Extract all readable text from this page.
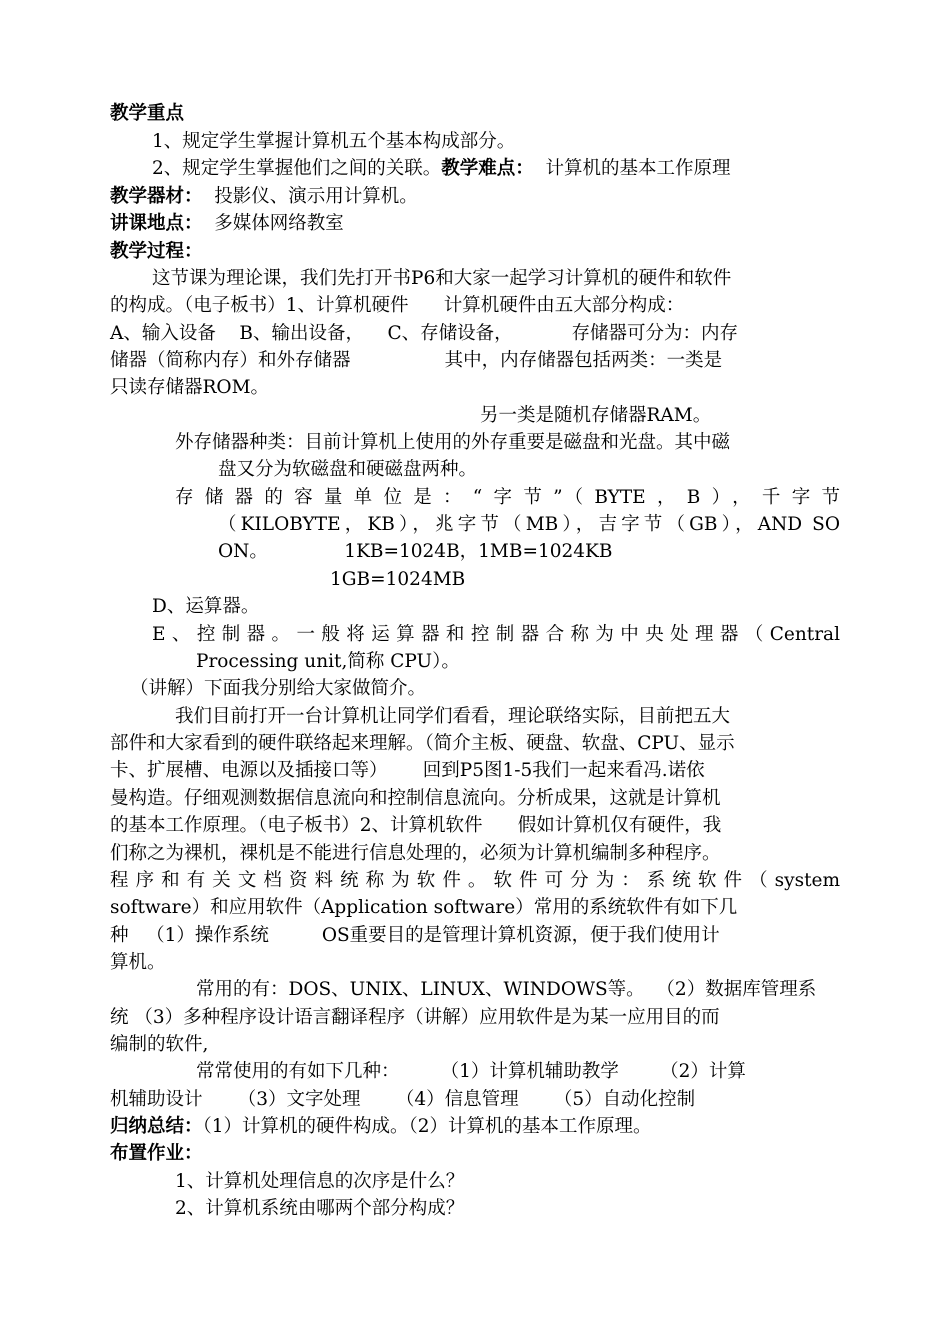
教学重点
1、规定学生掌握计算机五个基本构成部分。
2、规定学生掌握他们之间的关联。教学难点：  计算机的基本工作原理
教学器材：  投影仪、演示用计算机。
讲课地点：  多媒体网络教室
教学过程：
这节课为理论课，我们先打开书P6和大家一起学习计算机的硬件和软件
的构成。（电子板书）1、计算机硬件      计算机硬件由五大部分构成：
A、输入设备    B、输出设备，    C、存储设备，          存储器可分为：内存
储器（简称内存）和外存储器                其中，内存储器包括两类：一类是
只读存储器ROM。
另一类是随机存储器RAM。
外存储器种类：目前计算机上使用的外存重要是磁盘和光盘。其中磁
盘又分为软磁盘和硬磁盘两种。
存储器的容量单位是：“字节”（BYTE，B），千字节
（KILOBYTE，KB），兆字节（MB），吉字节（GB），AND SO
ON。             1KB=1024B，1MB=1024KB
1GB=1024MB
D、运算器。
E、控制器。一般将运算器和控制器合称为中央处理器（Central
Processing unit,简称 CPU）。
（讲解）下面我分别给大家做简介。
我们目前打开一台计算机让同学们看看，理论联络实际，目前把五大
部件和大家看到的硬件联络起来理解。（简介主板、硬盘、软盘、CPU、显示
卡、扩展槽、电源以及插接口等）      回到P5图1-5我们一起来看冯.诺依
曼构造。仔细观测数据信息流向和控制信息流向。分析成果，这就是计算机
的基本工作原理。（电子板书）2、计算机软件      假如计算机仅有硬件，我
们称之为裸机，裸机是不能进行信息处理的，必须为计算机编制多种程序。
程序和有关文档资料统称为软件。软件可分为：系统软件（system
software）和应用软件（Application software）常用的系统软件有如下几
种   （1）操作系统         OS重要目的是管理计算机资源，便于我们使用计
算机。
常用的有：DOS、UNIX、LINUX、WINDOWS等。  （2）数据库管理系
统 （3）多种程序设计语言翻译程序（讲解）应用软件是为某一应用目的而
编制的软件,
常常使用的有如下几种：       （1）计算机辅助教学       （2）计算
机辅助设计      （3）文字处理      （4）信息管理      （5）自动化控制
归纳总结：（1）计算机的硬件构成。（2）计算机的基本工作原理。
布置作业：
1、计算机处理信息的次序是什么？
2、计算机系统由哪两个部分构成？
